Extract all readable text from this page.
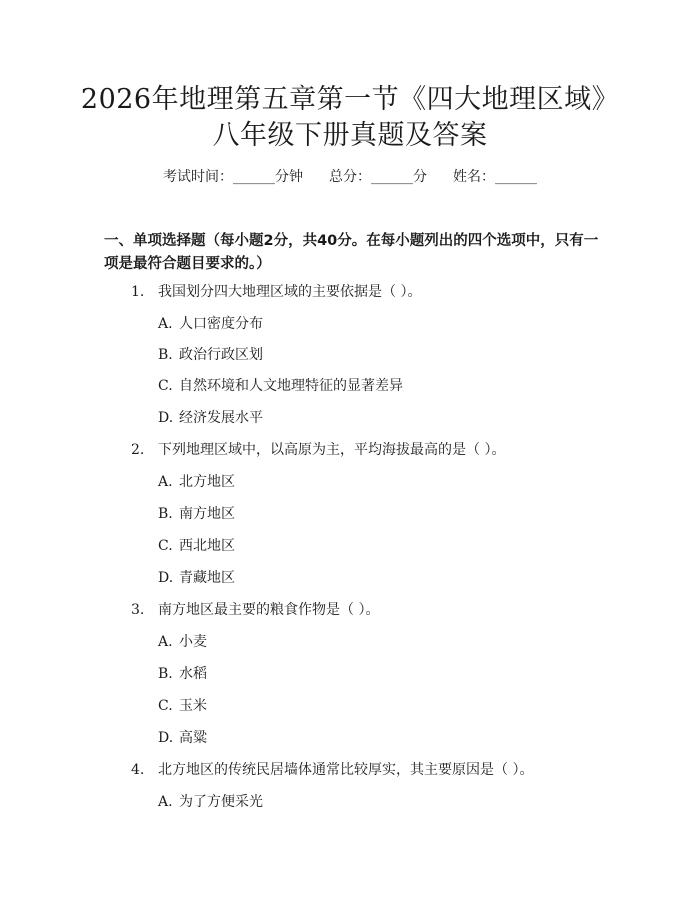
2026年地理第五章第一节《四大地理区域》
八年级下册真题及答案
考试时间：______分钟 总分：______分 姓名：______
一、单项选择题（每小题2分，共40分。在每小题列出的四个选项中，只有一项是最符合题目要求的。）
1. 我国划分四大地理区域的主要依据是（ ）。
A. 人口密度分布
B. 政治行政区划
C. 自然环境和人文地理特征的显著差异
D. 经济发展水平
2. 下列地理区域中，以高原为主，平均海拔最高的是（ ）。
A. 北方地区
B. 南方地区
C. 西北地区
D. 青藏地区
3. 南方地区最主要的粮食作物是（ ）。
A. 小麦
B. 水稻
C. 玉米
D. 高粱
4. 北方地区的传统民居墙体通常比较厚实，其主要原因是（ ）。
A. 为了方便采光
